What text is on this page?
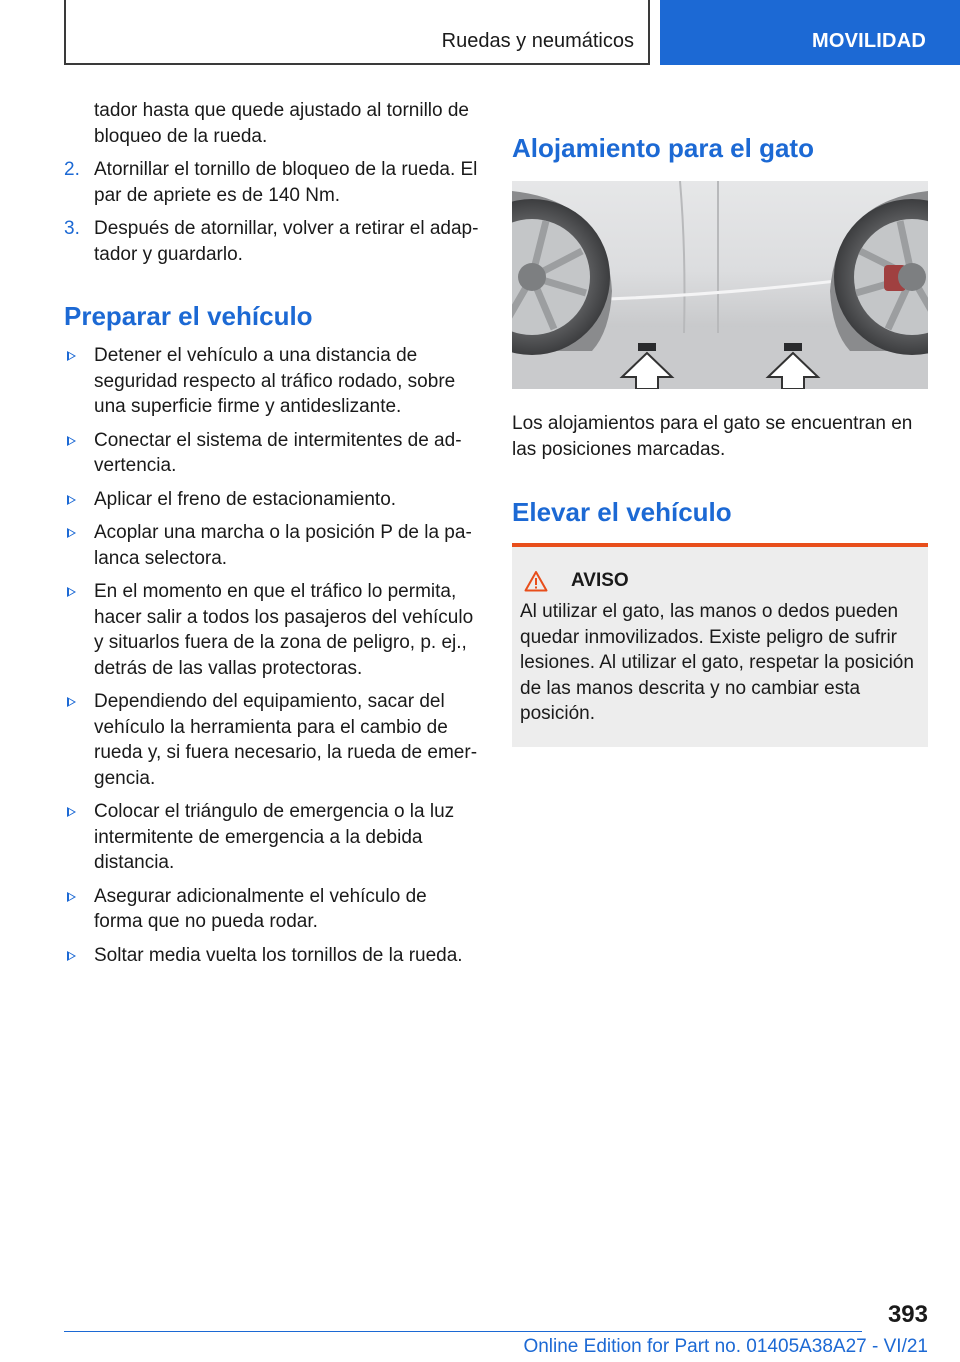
Ruedas y neumáticos	MOVILIDAD

tador hasta que quede ajustado al tornillo de bloqueo de la rueda.

2. Atornillar el tornillo de bloqueo de la rueda. El par de apriete es de 140 Nm.
3. Después de atornillar, volver a retirar el adaptador y guardarlo.
Preparar el vehículo
Detener el vehículo a una distancia de seguridad respecto al tráfico rodado, sobre una superficie firme y antideslizante.
Conectar el sistema de intermitentes de advertencia.
Aplicar el freno de estacionamiento.
Acoplar una marcha o la posición P de la palanca selectora.
En el momento en que el tráfico lo permita, hacer salir a todos los pasajeros del vehículo y situarlos fuera de la zona de peligro, p. ej., detrás de las vallas protectoras.
Dependiendo del equipamiento, sacar del vehículo la herramienta para el cambio de rueda y, si fuera necesario, la rueda de emergencia.
Colocar el triángulo de emergencia o la luz intermitente de emergencia a la debida distancia.
Asegurar adicionalmente el vehículo de forma que no pueda rodar.
Soltar media vuelta los tornillos de la rueda.
Alojamiento para el gato

Los alojamientos para el gato se encuentran en las posiciones marcadas.

Elevar el vehículo
AVISO

Al utilizar el gato, las manos o dedos pueden quedar inmovilizados. Existe peligro de sufrir lesiones. Al utilizar el gato, respetar la posición de las manos descrita y no cambiar esta posición.

393
Online Edition for Part no. 01405A38A27 - VI/21
